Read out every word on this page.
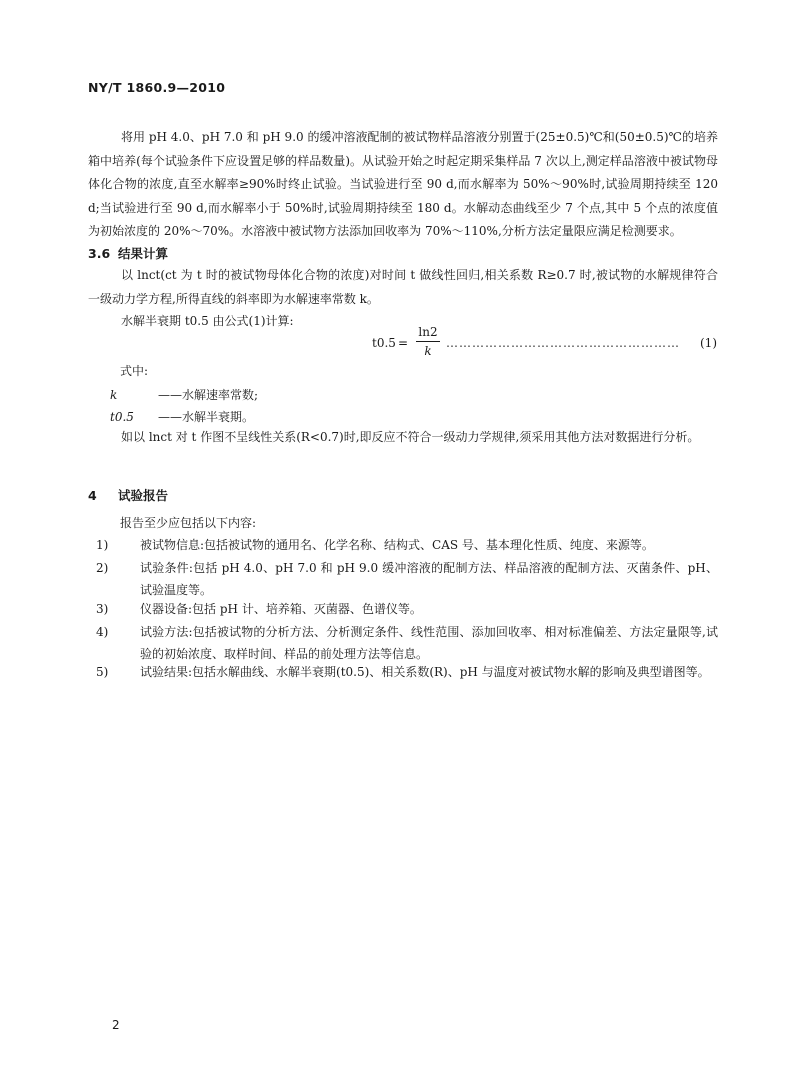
NY/T 1860.9—2010
将用 pH 4.0、pH 7.0 和 pH 9.0 的缓冲溶液配制的被试物样品溶液分别置于(25±0.5)℃和(50±0.5)℃的培养箱中培养(每个试验条件下应设置足够的样品数量)。从试验开始之时起定期采集样品 7 次以上,测定样品溶液中被试物母体化合物的浓度,直至水解率≥90%时终止试验。当试验进行至 90 d,而水解率为 50%～90%时,试验周期持续至 120 d;当试验进行至 90 d,而水解率小于 50%时,试验周期持续至 180 d。水解动态曲线至少 7 个点,其中 5 个点的浓度值为初始浓度的 20%～70%。水溶液中被试物方法添加回收率为 70%～110%,分析方法定量限应满足检测要求。
3.6 结果计算
以 lnct(ct 为 t 时的被试物母体化合物的浓度)对时间 t 做线性回归,相关系数 R≥0.7 时,被试物的水解规律符合一级动力学方程,所得直线的斜率即为水解速率常数 k。
水解半衰期 t0.5 由公式(1)计算:
t0.5 =
ln2
k
……………………………………………… (1)
式中:
k	——水解速率常数;
t0.5 ——水解半衰期。
如以 lnct 对 t 作图不呈线性关系(R<0.7)时,即反应不符合一级动力学规律,须采用其他方法对数据进行分析。
4 试验报告
报告至少应包括以下内容:
1)	被试物信息:包括被试物的通用名、化学名称、结构式、CAS 号、基本理化性质、纯度、来源等。
2)	试验条件:包括 pH 4.0、pH 7.0 和 pH 9.0 缓冲溶液的配制方法、样品溶液的配制方法、灭菌条件、pH、试验温度等。
3)	仪器设备:包括 pH 计、培养箱、灭菌器、色谱仪等。
4)	试验方法:包括被试物的分析方法、分析测定条件、线性范围、添加回收率、相对标准偏差、方法定量限等,试验的初始浓度、取样时间、样品的前处理方法等信息。
5)	试验结果:包括水解曲线、水解半衰期(t0.5)、相关系数(R)、pH 与温度对被试物水解的影响及典型谱图等。
2
